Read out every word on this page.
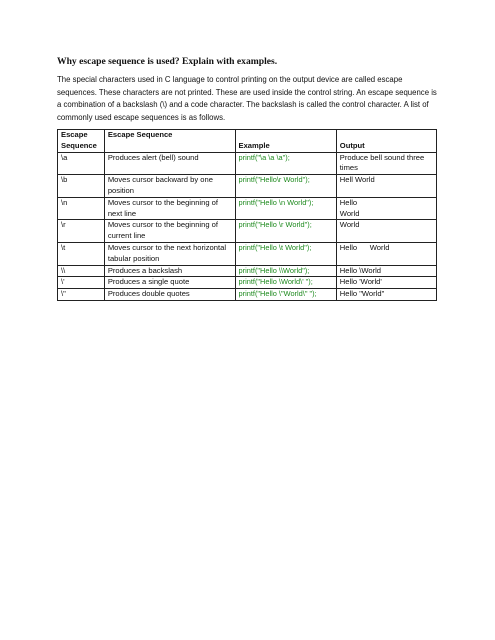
Why escape sequence is used? Explain with examples.
The special characters used in C language to control printing on the output device are called escape sequences. These characters are not printed. These are used inside the control string. An escape sequence is a combination of a backslash (\) and a code character. The backslash is called the control character. A list of commonly used escape sequences is as follows.
Escape Sequence	Escape Sequence	Example	Output
\a	Produces alert (bell) sound	printf("\a \a \a");	Produce bell sound three times
\b	Moves cursor backward by one position	printf("Hello\r World");	Hell World
\n	Moves cursor to the beginning of next line	printf("Hello \n World");	Hello
World
\r	Moves cursor to the beginning of current line	printf("Hello \r World");	World
\t	Moves cursor to the next horizontal tabular position	printf("Hello \t World");	Hello      World
\\	Produces a backslash	printf("Hello \\World");	Hello \World
\'	Produces a single quote	printf("Hello \World\' ");	Hello 'World'
\"	Produces double quotes	printf("Hello \"World\" ");	Hello "World"
